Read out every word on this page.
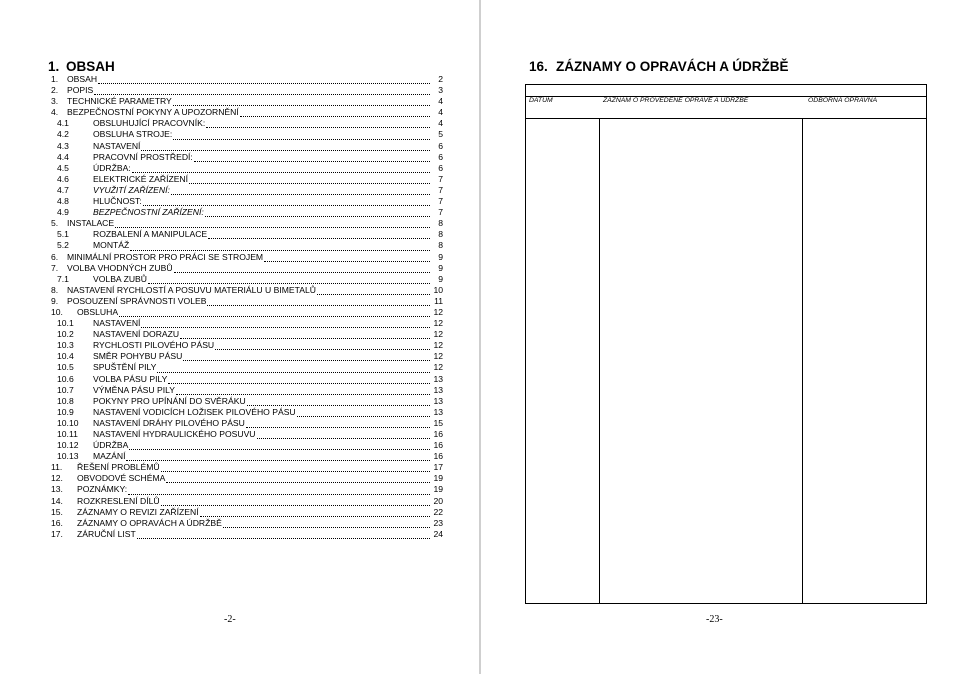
1. OBSAH
1.	OBSAH	2
2.	POPIS	3
3.	TECHNICKÉ PARAMETRY	4
4.	BEZPEČNOSTNÍ POKYNY A UPOZORNĚNÍ	4
4.1	OBSLUHUJÍCÍ PRACOVNÍK:	4
4.2	OBSLUHA STROJE:	5
4.3	NASTAVENÍ	6
4.4	PRACOVNÍ PROSTŘEDÍ:	6
4.5	ÚDRŽBA:	6
4.6	ELEKTRICKÉ ZAŘÍZENÍ	7
4.7	VYUŽITÍ ZAŘÍZENÍ:	7
4.8	HLUČNOST:	7
4.9	BEZPEČNOSTNÍ ZAŘÍZENÍ:	7
5.	INSTALACE	8
5.1	ROZBALENÍ A MANIPULACE	8
5.2	MONTÁŽ	8
6.	MINIMÁLNÍ PROSTOR PRO PRÁCI SE STROJEM	9
7.	VOLBA VHODNÝCH ZUBŮ	9
7.1	VOLBA ZUBŮ	9
8.	NASTAVENÍ RYCHLOSTÍ A POSUVU MATERIÁLU U BIMETALŮ	10
9.	POSOUZENÍ SPRÁVNOSTI VOLEB	11
10.	OBSLUHA	12
10.1	NASTAVENÍ	12
10.2	NASTAVENÍ DORAZU	12
10.3	RYCHLOSTI PILOVÉHO PÁSU	12
10.4	SMĚR POHYBU PÁSU	12
10.5	SPUŠTĚNÍ PILY	12
10.6	VOLBA PÁSU PILY	13
10.7	VÝMĚNA PÁSU PILY	13
10.8	POKYNY PRO UPÍNÁNÍ DO SVĚRÁKU	13
10.9	NASTAVENÍ VODICÍCH LOŽISEK PILOVÉHO PÁSU	13
10.10	NASTAVENÍ DRÁHY PILOVÉHO PÁSU	15
10.11	NASTAVENÍ HYDRAULICKÉHO POSUVU	16
10.12	ÚDRŽBA	16
10.13	MAZÁNÍ	16
11.	ŘEŠENÍ PROBLÉMŮ	17
12.	OBVODOVÉ SCHÉMA	19
13.	POZNÁMKY:	19
14.	ROZKRESLENÍ DÍLŮ	20
15.	ZÁZNAMY O REVIZI ZAŘÍZENÍ	22
16.	ZÁZNAMY O OPRAVÁCH A ÚDRŽBĚ	23
17.	ZÁRUČNÍ LIST	24
-2-
16. ZÁZNAMY O OPRAVÁCH A ÚDRŽBĚ
DATUM	ZÁZNAM O PROVEDENÉ OPRAVĚ A ÚDRŽBĚ	ODBORNÁ OPRAVNA
-23-
